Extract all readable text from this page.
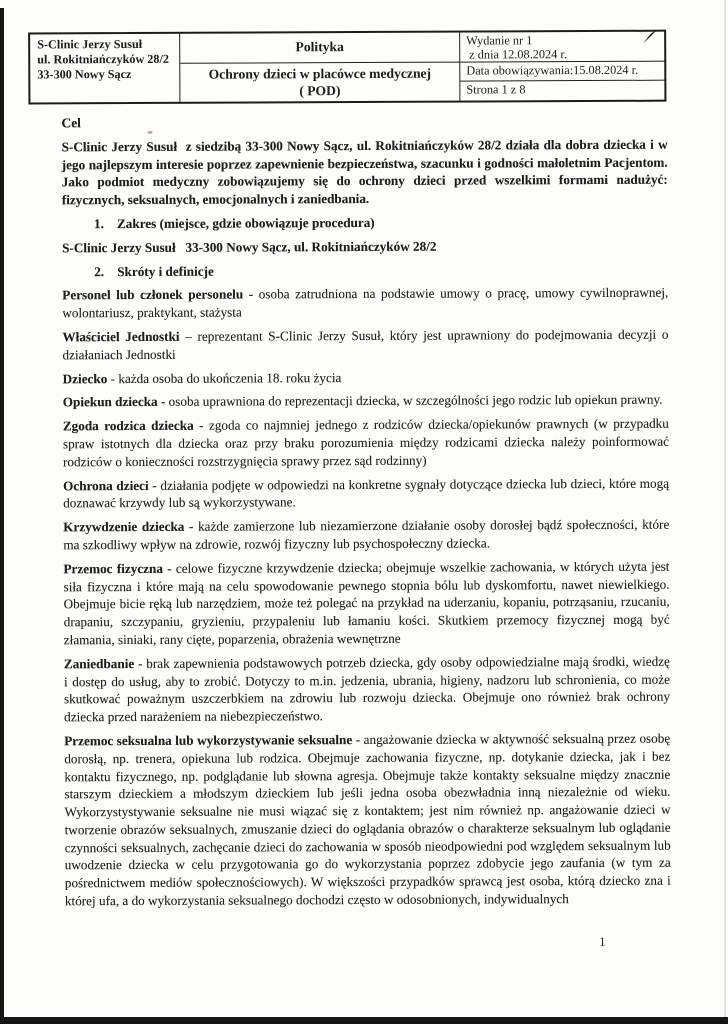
S-Clinic Jerzy Susuł
ul. Rokitniańczyków 28/2
33-300 Nowy Sącz
Polityka
Ochrony dzieci w placówce medycznej
( POD)
Wydanie nr 1
z dnia 12.08.2024 r.
Data obowiązywania:15.08.2024 r.
Strona 1 z 8

Cel

S-Clinic Jerzy Susuł  z siedzibą 33-300 Nowy Sącz, ul. Rokitniańczyków 28/2 działa dla dobra dziecka i w jego najlepszym interesie poprzez zapewnienie bezpieczeństwa, szacunku i godności małoletnim Pacjentom. Jako podmiot medyczny zobowiązujemy się do ochrony dzieci przed wszelkimi formami nadużyć: fizycznych, seksualnych, emocjonalnych i zaniedbania.

1. Zakres (miejsce, gdzie obowiązuje procedura)

S-Clinic Jerzy Susuł   33-300 Nowy Sącz, ul. Rokitniańczyków 28/2

2. Skróty i definicje

Personel lub członek personelu - osoba zatrudniona na podstawie umowy o pracę, umowy cywilnoprawnej, wolontariusz, praktykant, stażysta

Właściciel Jednostki – reprezentant S-Clinic Jerzy Susuł, który jest uprawniony do podejmowania decyzji o działaniach Jednostki

Dziecko - każda osoba do ukończenia 18. roku życia

Opiekun dziecka - osoba uprawniona do reprezentacji dziecka, w szczególności jego rodzic lub opiekun prawny.

Zgoda rodzica dziecka - zgoda co najmniej jednego z rodziców dziecka/opiekunów prawnych (w przypadku spraw istotnych dla dziecka oraz przy braku porozumienia między rodzicami dziecka należy poinformować rodziców o konieczności rozstrzygnięcia sprawy przez sąd rodzinny)

Ochrona dzieci - działania podjęte w odpowiedzi na konkretne sygnały dotyczące dziecka lub dzieci, które mogą doznawać krzywdy lub są wykorzystywane.

Krzywdzenie dziecka - każde zamierzone lub niezamierzone działanie osoby dorosłej bądź społeczności, które ma szkodliwy wpływ na zdrowie, rozwój fizyczny lub psychospołeczny dziecka.

Przemoc fizyczna - celowe fizyczne krzywdzenie dziecka; obejmuje wszelkie zachowania, w których użyta jest siła fizyczna i które mają na celu spowodowanie pewnego stopnia bólu lub dyskomfortu, nawet niewielkiego. Obejmuje bicie ręką lub narzędziem, może też polegać na przykład na uderzaniu, kopaniu, potrząsaniu, rzucaniu, drapaniu, szczypaniu, gryzieniu, przypaleniu lub łamaniu kości. Skutkiem przemocy fizycznej mogą być złamania, siniaki, rany cięte, poparzenia, obrażenia wewnętrzne

Zaniedbanie - brak zapewnienia podstawowych potrzeb dziecka, gdy osoby odpowiedzialne mają środki, wiedzę i dostęp do usług, aby to zrobić. Dotyczy to m.in. jedzenia, ubrania, higieny, nadzoru lub schronienia, co może skutkować poważnym uszczerbkiem na zdrowiu lub rozwoju dziecka. Obejmuje ono również brak ochrony dziecka przed narażeniem na niebezpieczeństwo.

Przemoc seksualna lub wykorzystywanie seksualne - angażowanie dziecka w aktywność seksualną przez osobę dorosłą, np. trenera, opiekuna lub rodzica. Obejmuje zachowania fizyczne, np. dotykanie dziecka, jak i bez kontaktu fizycznego, np. podglądanie lub słowna agresja. Obejmuje także kontakty seksualne między znacznie starszym dzieckiem a młodszym dzieckiem lub jeśli jedna osoba obezwładnia inną niezależnie od wieku. Wykorzystystywanie seksualne nie musi wiązać się z kontaktem; jest nim również np. angażowanie dzieci w tworzenie obrazów seksualnych, zmuszanie dzieci do oglądania obrazów o charakterze seksualnym lub oglądanie czynności seksualnych, zachęcanie dzieci do zachowania w sposób nieodpowiedni pod względem seksualnym lub uwodzenie dziecka w celu przygotowania go do wykorzystania poprzez zdobycie jego zaufania (w tym za pośrednictwem mediów społecznościowych). W większości przypadków sprawcą jest osoba, którą dziecko zna i której ufa, a do wykorzystania seksualnego dochodzi często w odosobnionych, indywidualnych

1
